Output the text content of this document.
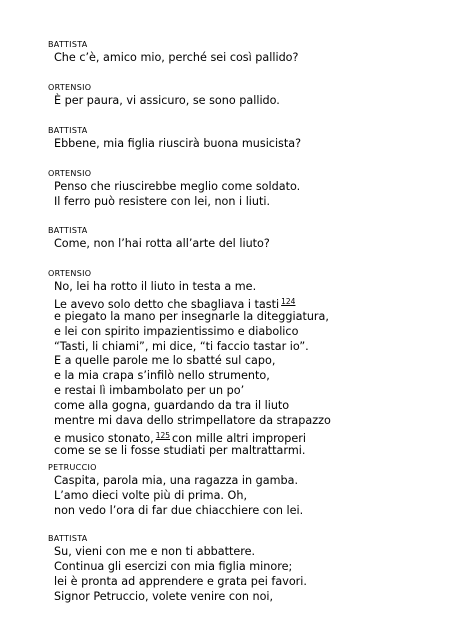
BATTISTA
Che c’è, amico mio, perché sei così pallido?
ORTENSIO
È per paura, vi assicuro, se sono pallido.
BATTISTA
Ebbene, mia figlia riuscirà buona musicista?
ORTENSIO
Penso che riuscirebbe meglio come soldato.
Il ferro può resistere con lei, non i liuti.
BATTISTA
Come, non l’hai rotta all’arte del liuto?
ORTENSIO
No, lei ha rotto il liuto in testa a me.
Le avevo solo detto che sbagliava i tasti $^{124}$
e piegato la mano per insegnarle la diteggiatura,
e lei con spirito impazientissimo e diabolico
“Tasti, li chiami”, mi dice, “ti faccio tastar io”.
E a quelle parole me lo sbatté sul capo,
e la mia crapa s’infilò nello strumento,
e restai lì imbambolato per un po’
come alla gogna, guardando da tra il liuto
mentre mi dava dello strimpellatore da strapazzo
e musico stonato, $^{125}$ con mille altri improperi
come se se li fosse studiati per maltrattarmi.
PETRUCCIO
Caspita, parola mia, una ragazza in gamba.
L’amo dieci volte più di prima. Oh,
non vedo l’ora di far due chiacchiere con lei.
BATTISTA
Su, vieni con me e non ti abbattere.
Continua gli esercizi con mia figlia minore;
lei è pronta ad apprendere e grata pei favori.
Signor Petruccio, volete venire con noi,
